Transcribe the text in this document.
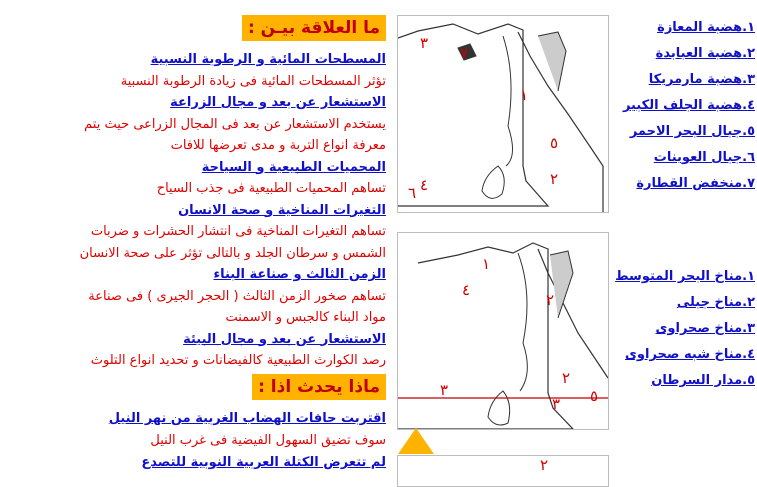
١.هضبة المعازة
٢.هضبة العبابدة
٣.هضبة مارمريكا
٤.هضبة الجلف الكبير
٥.جبال البحر الاحمر
٦.جبال العوينات
٧.منخفض القطارة
١.مناخ البحر المتوسط
٢.مناخ جبلى
٣.مناخ صحراوى
٤.مناخ شبه صحراوى
٥.مدار السرطان
٣
٧
١
٥
٢
٤
٦
١
٤
٢
٢
٣
٣ ٥
٢
ما العلاقة بيـن :
المسطحات المائية و الرطوبة النسبية
تؤثر المسطحات المائية فى زيادة الرطوبة النسبية
الاستشعار عن بعد و مجال الزراعة
يستخدم الاستشعار عن بعد فى المجال الزراعى حيث يتم
معرفة انواع التربة و مدى تعرضها للافات
المحميات الطبيعية و السياحة
تساهم المحميات الطبيعية فى جذب السياح
التغيرات المناخية و صحة الانسان
تساهم التغيرات المناخية فى انتشار الحشرات و ضربات
الشمس و سرطان الجلد و بالتالى تؤثر على صحة الانسان
الزمن الثالث و صناعة البناء
تساهم صخور الزمن الثالث ( الحجر الجيرى ) فى صناعة
مواد البناء كالجبس و الاسمنت
الاستشعار عن بعد و مجال البيئة
رصد الكوارث الطبيعية كالفيضانات و تحديد انواع التلوث
ماذا يحدث اذا :
اقتربت حافات الهضاب الغربية من نهر النيل
سوف تضيق السهول الفيضية فى غرب النيل
لم تتعرض الكتلة العربية النوبية للتصدع
